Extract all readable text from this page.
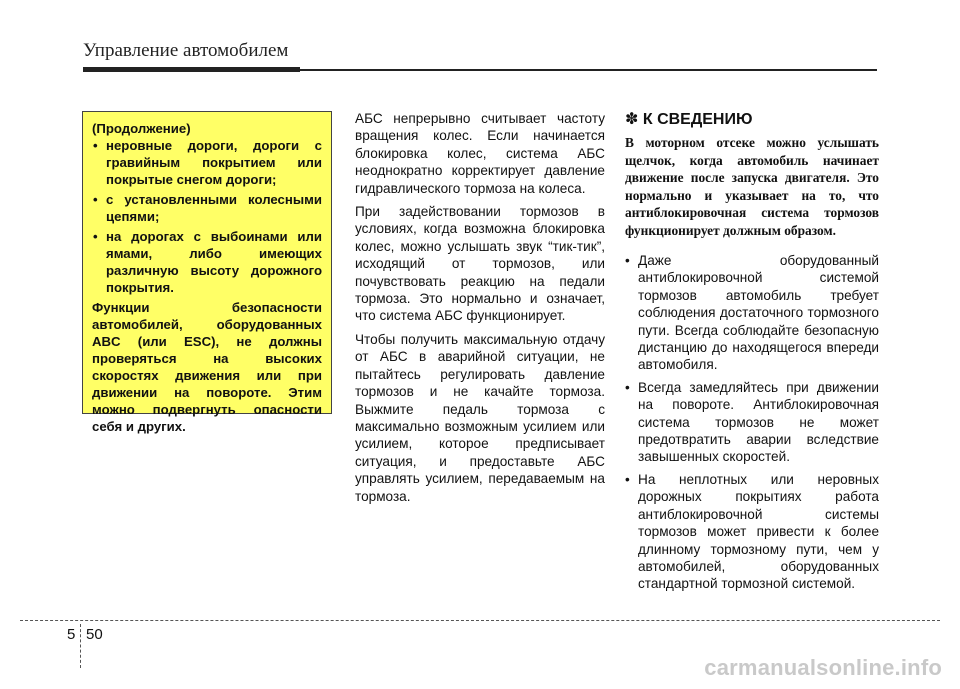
Управление автомобилем

(Продолжение)

• неровные дороги, дороги с гравийным покрытием или покрытые снегом дороги;
• с установленными колесными цепями;
• на дорогах с выбоинами или ямами, либо имеющих различную высоту дорожного покрытия.

Функции безопасности автомобилей, оборудованных ABC (или ESC), не должны проверяться на высоких скоростях движения или при движении на повороте. Этим можно подвергнуть опасности себя и других.

АБС непрерывно считывает частоту вращения колес. Если начинается блокировка колес, система АБС неоднократно корректирует давление гидравлического тормоза на колеса.

При задействовании тормозов в условиях, когда возможна блокировка колес, можно услышать звук “тик-тик”, исходящий от тормозов, или почувствовать реакцию на педали тормоза. Это нормально и означает, что система АБС функционирует.

Чтобы получить максимальную отдачу от АБС в аварийной ситуации, не пытайтесь регулировать давление тормозов и не качайте тормоза. Выжмите педаль тормоза с максимально возможным усилием или усилием, которое предписывает ситуация, и предоставьте АБС управлять усилием, передаваемым на тормоза.

✽ К СВЕДЕНИЮ

В моторном отсеке можно услышать щелчок, когда автомобиль начинает движение после запуска двигателя. Это нормально и указывает на то, что антиблокировочная система тормозов функционирует должным образом.

• Даже оборудованный антиблокировочной системой тормозов автомобиль требует соблюдения достаточного тормозного пути. Всегда соблюдайте безопасную дистанцию до находящегося впереди автомобиля.
• Всегда замедляйтесь при движении на повороте. Антиблокировочная система тормозов не может предотвратить аварии вследствие завышенных скоростей.
• На неплотных или неровных дорожных покрытиях работа антиблокировочной системы тормозов может привести к более длинному тормозному пути, чем у автомобилей, оборудованных стандартной тормозной системой.
5 50
carmanualsonline.info
